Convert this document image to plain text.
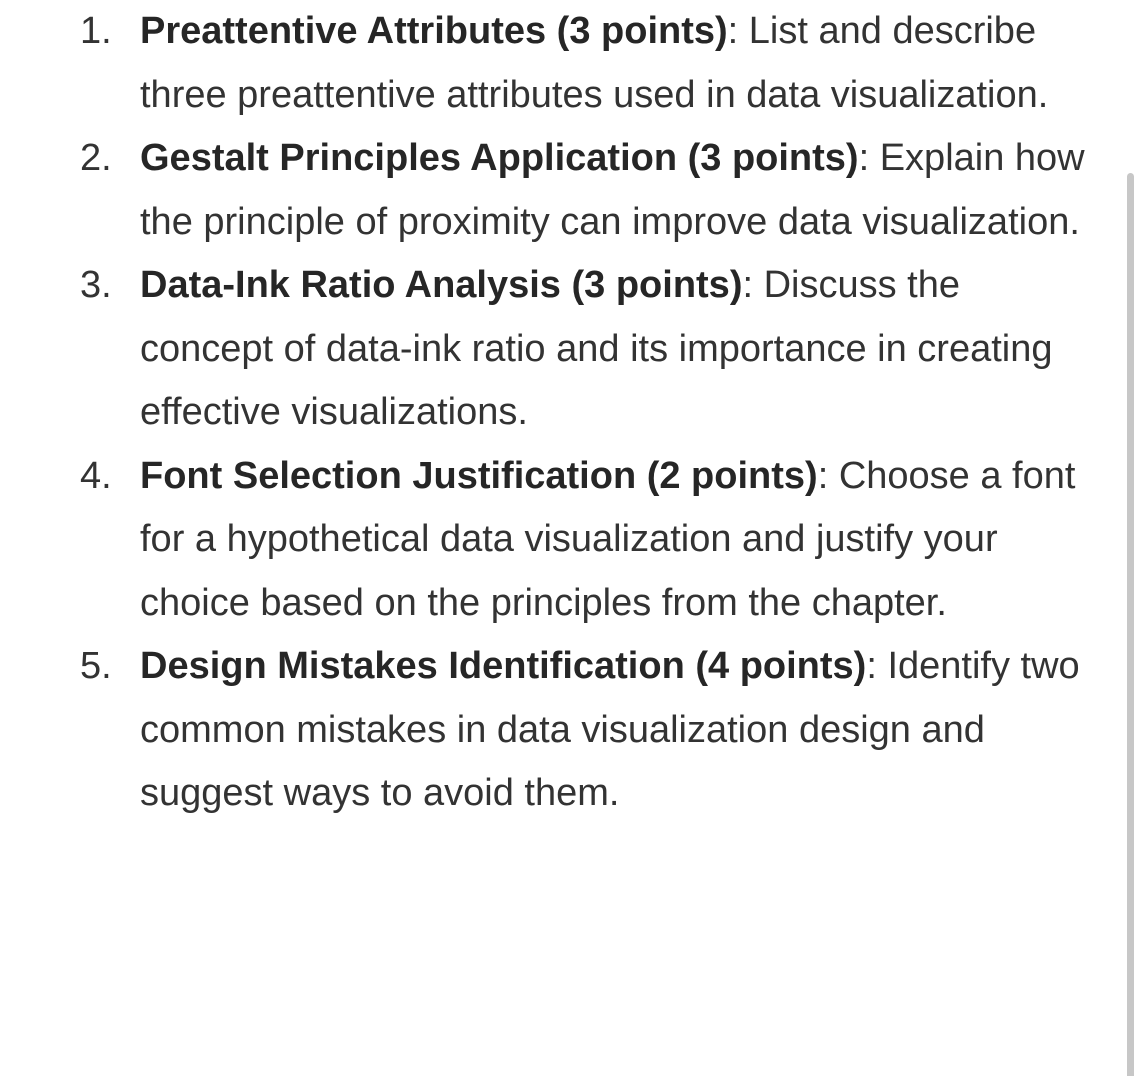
1. Preattentive Attributes (3 points): List and describe three preattentive attributes used in data visualization.
2. Gestalt Principles Application (3 points): Explain how the principle of proximity can improve data visualization.
3. Data-Ink Ratio Analysis (3 points): Discuss the concept of data-ink ratio and its importance in creating effective visualizations.
4. Font Selection Justification (2 points): Choose a font for a hypothetical data visualization and justify your choice based on the principles from the chapter.
5. Design Mistakes Identification (4 points): Identify two common mistakes in data visualization design and suggest ways to avoid them.
